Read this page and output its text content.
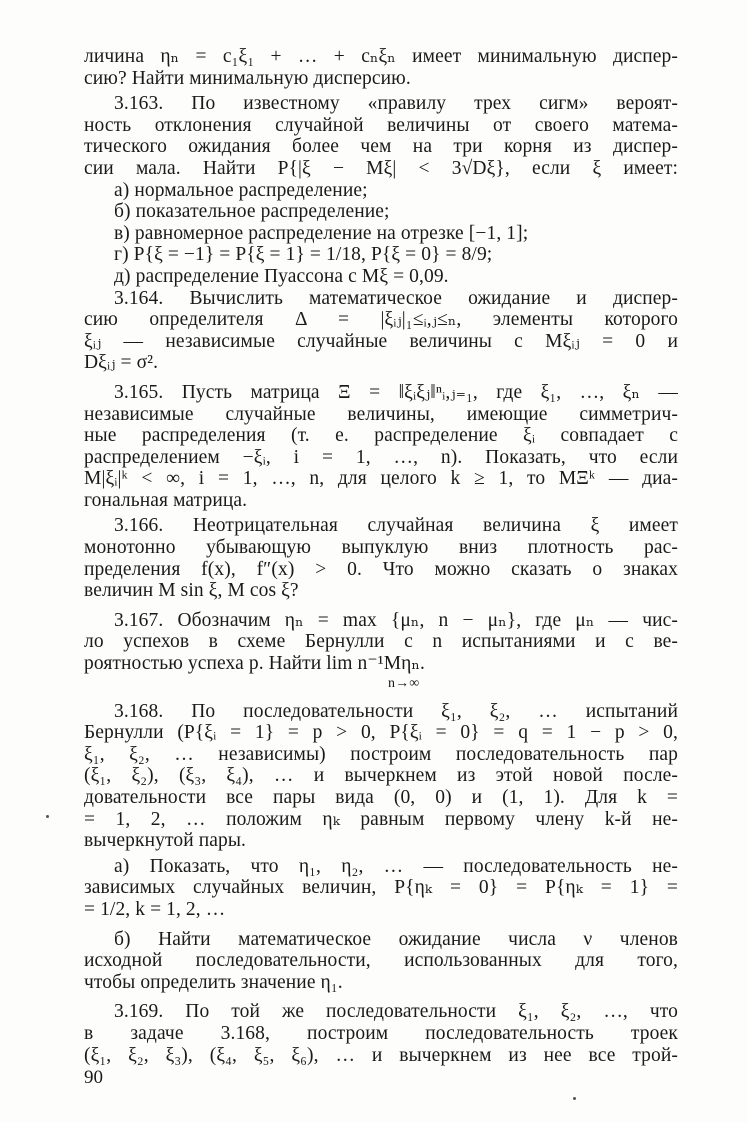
личина ηₙ = c₁ξ₁ + … + cₙξₙ имеет минимальную диспер-
сию? Найти минимальную дисперсию.
3.163. По известному «правилу трех сигм» вероят-
ность отклонения случайной величины от своего матема-
тического ожидания более чем на три корня из диспер-
сии мала. Найти P{|ξ − Mξ| < 3√Dξ}, если ξ имеет:
а) нормальное распределение;
б) показательное распределение;
в) равномерное распределение на отрезке [−1, 1];
г) P{ξ = −1} = P{ξ = 1} = 1/18, P{ξ = 0} = 8/9;
д) распределение Пуассона с Mξ = 0,09.
3.164. Вычислить математическое ожидание и диспер-
сию определителя Δ = |ξᵢⱼ|₁≤ᵢ,ⱼ≤ₙ, элементы которого
ξᵢⱼ — независимые случайные величины с Mξᵢⱼ = 0 и
Dξᵢⱼ = σ².
3.165. Пусть матрица Ξ = ‖ξᵢξⱼ‖ⁿᵢ,ⱼ₌₁, где ξ₁, …, ξₙ —
независимые случайные величины, имеющие симметрич-
ные распределения (т. е. распределение ξᵢ совпадает с
распределением −ξᵢ, i = 1, …, n). Показать, что если
M|ξᵢ|ᵏ < ∞, i = 1, …, n, для целого k ≥ 1, то MΞᵏ — диа-
гональная матрица.
3.166. Неотрицательная случайная величина ξ имеет
монотонно убывающую выпуклую вниз плотность рас-
пределения f(x), f″(x) > 0. Что можно сказать о знаках
величин M sin ξ, M cos ξ?
3.167. Обозначим ηₙ = max {μₙ, n − μₙ}, где μₙ — чис-
ло успехов в схеме Бернулли с n испытаниями и с ве-
роятностью успеха p. Найти lim n⁻¹Mηₙ.
n→∞
3.168. По последовательности ξ₁, ξ₂, … испытаний
Бернулли (P{ξᵢ = 1} = p > 0, P{ξᵢ = 0} = q = 1 − p > 0,
ξ₁, ξ₂, … независимы) построим последовательность пар
(ξ₁, ξ₂), (ξ₃, ξ₄), … и вычеркнем из этой новой после-
довательности все пары вида (0, 0) и (1, 1). Для k =
= 1, 2, … положим ηₖ равным первому члену k-й не-
вычеркнутой пары.
а) Показать, что η₁, η₂, … — последовательность не-
зависимых случайных величин, P{ηₖ = 0} = P{ηₖ = 1} =
= 1/2, k = 1, 2, …
б) Найти математическое ожидание числа ν членов
исходной последовательности, использованных для того,
чтобы определить значение η₁.
3.169. По той же последовательности ξ₁, ξ₂, …, что
в задаче 3.168, построим последовательность троек
(ξ₁, ξ₂, ξ₃), (ξ₄, ξ₅, ξ₆), … и вычеркнем из нее все трой-
90
